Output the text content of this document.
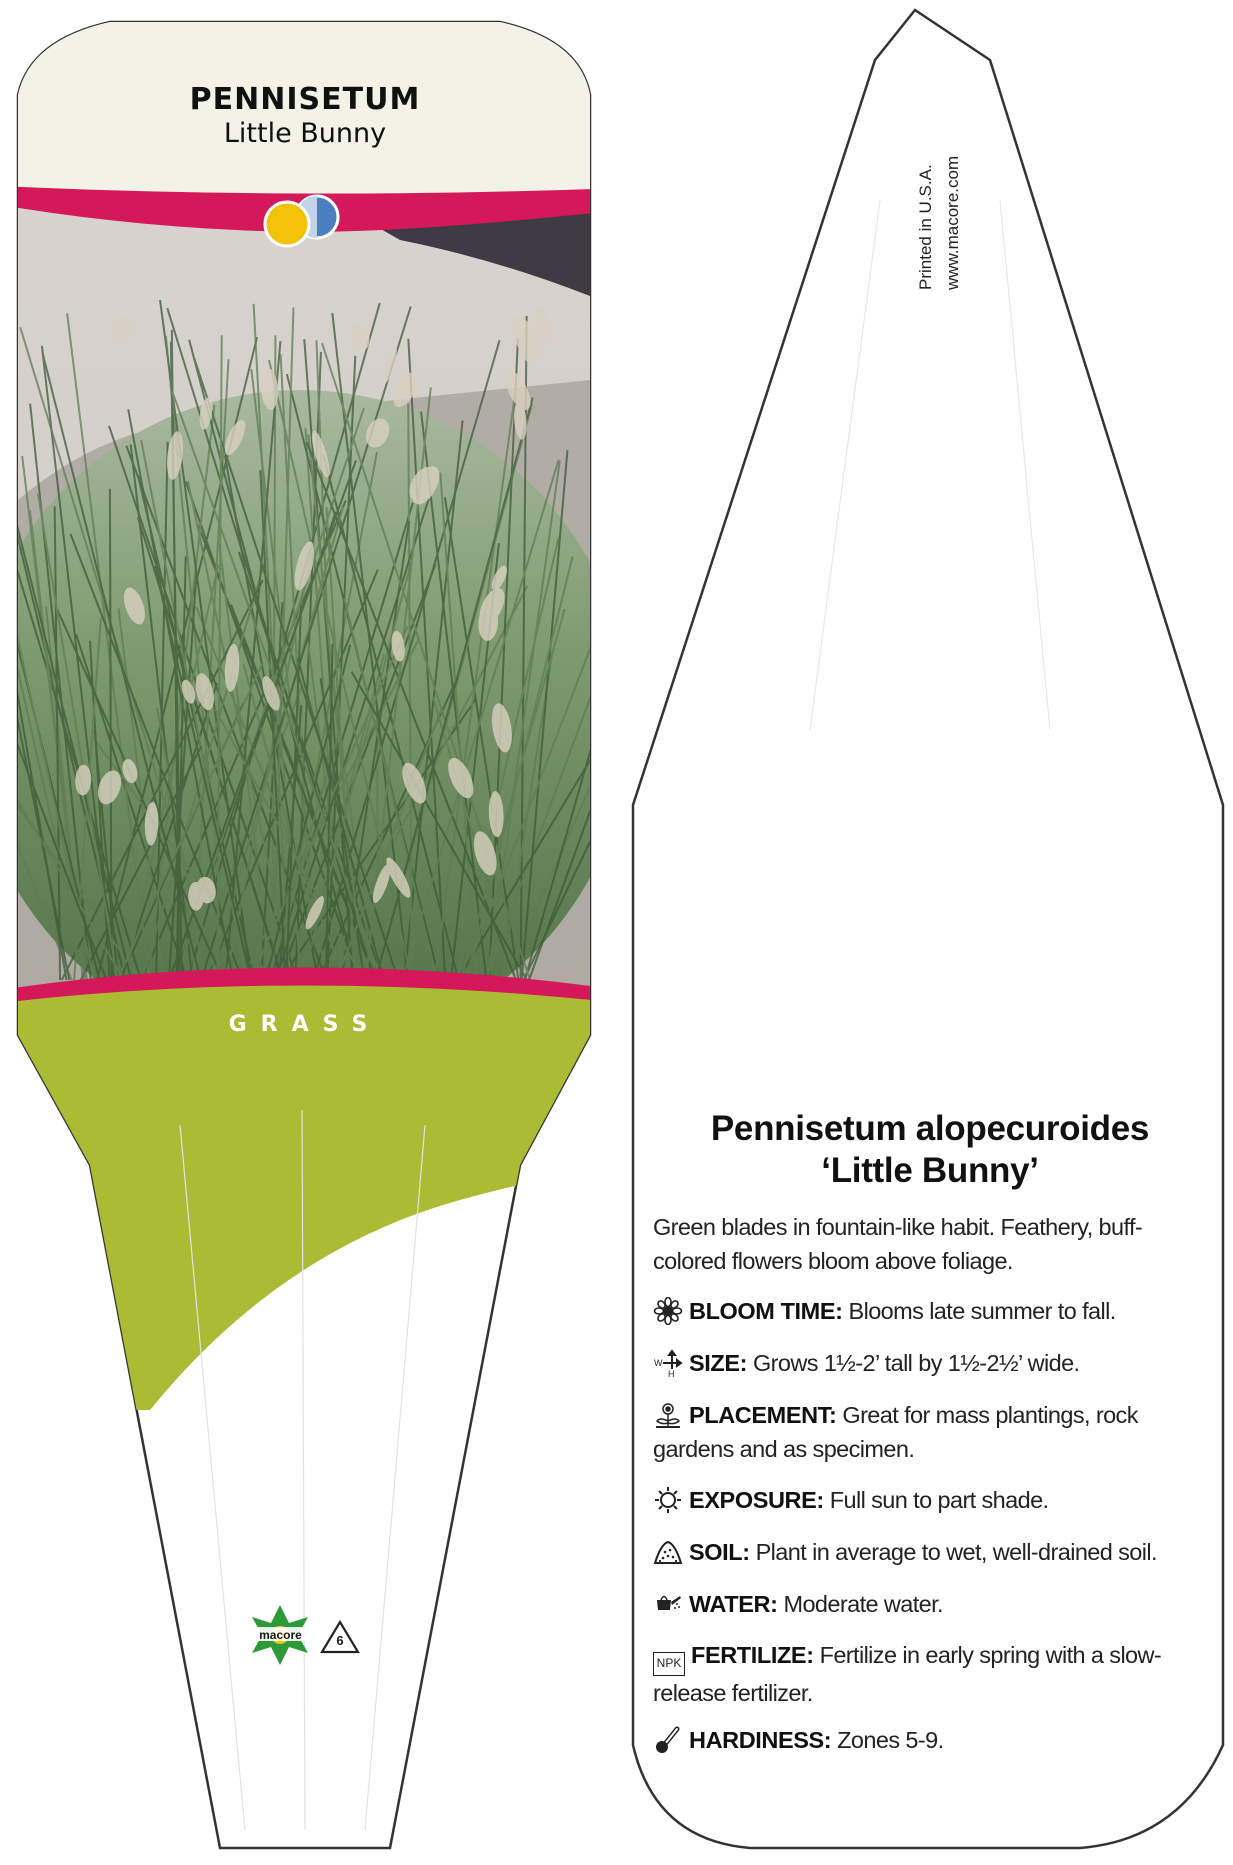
PENNISETUM
Little Bunny
GRASS
macore	6
Printed in U.S.A. www.macore.com
Pennisetum alopecuroides
‘Little Bunny’
Green blades in fountain-like habit. Feathery, buff-colored flowers bloom above foliage.
BLOOM TIME: Blooms late summer to fall.
W
H SIZE: Grows 1½-2’ tall by 1½-2½’ wide.
PLACEMENT: Great for mass plantings, rock gardens and as specimen.
EXPOSURE: Full sun to part shade.
SOIL: Plant in average to wet, well-drained soil.
WATER: Moderate water.
NPK FERTILIZE: Fertilize in early spring with a slow-release fertilizer.
HARDINESS: Zones 5-9.
